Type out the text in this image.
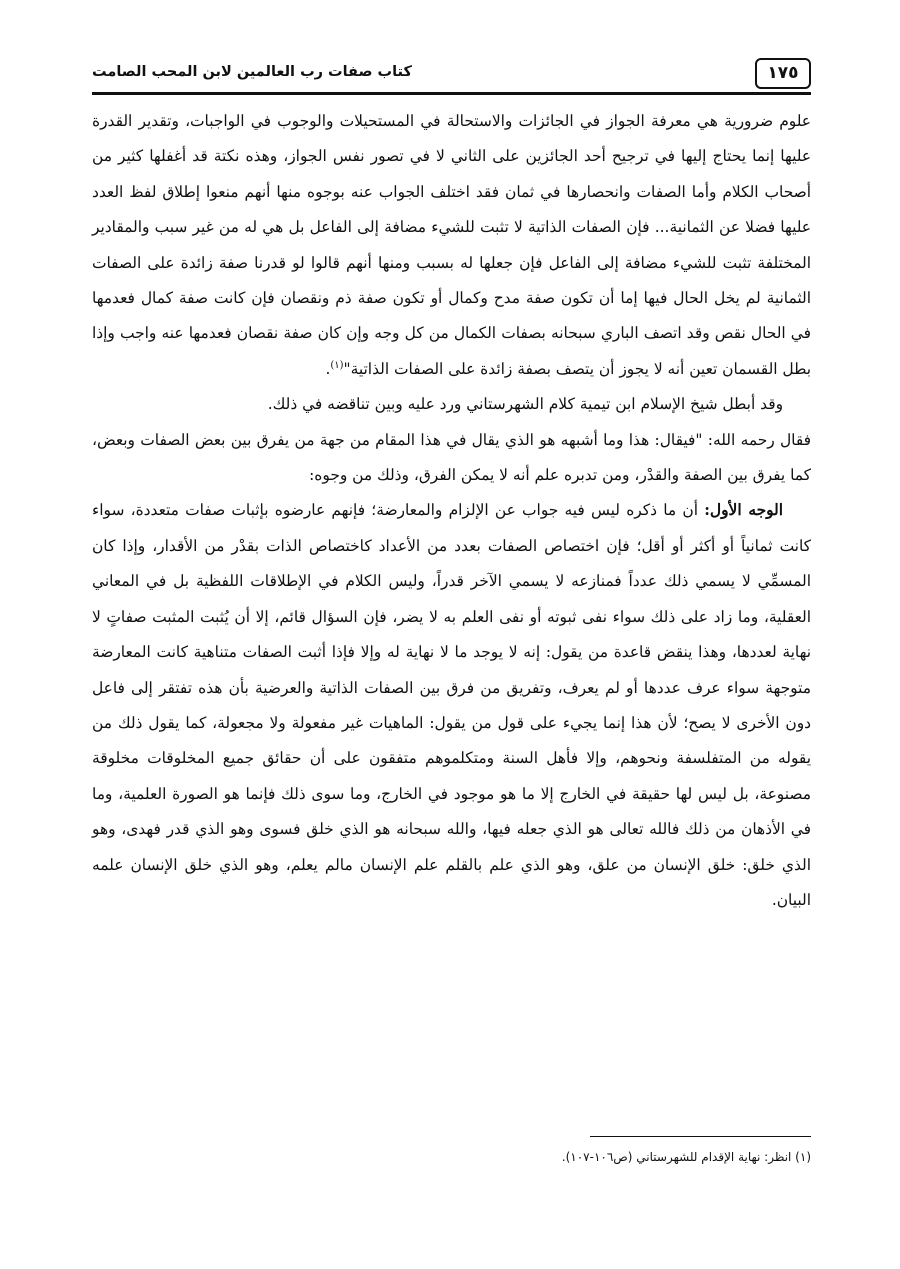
١٧٥
كتاب صفات رب العالمين لابن المحب الصامت

علوم ضرورية هي معرفة الجواز في الجائزات والاستحالة في المستحيلات والوجوب في الواجبات، وتقدير القدرة عليها إنما يحتاج إليها في ترجيح أحد الجائزين على الثاني لا في تصور نفس الجواز، وهذه نكتة قد أغفلها كثير من أصحاب الكلام وأما الصفات وانحصارها في ثمان فقد اختلف الجواب عنه بوجوه منها أنهم منعوا إطلاق لفظ العدد عليها فضلا عن الثمانية... فإن الصفات الذاتية لا تثبت للشيء مضافة إلى الفاعل بل هي له من غير سبب والمقادير المختلفة تثبت للشيء مضافة إلى الفاعل فإن جعلها له بسبب ومنها أنهم قالوا لو قدرنا صفة زائدة على الصفات الثمانية لم يخل الحال فيها إما أن تكون صفة مدح وكمال أو تكون صفة ذم ونقصان فإن كانت صفة كمال فعدمها في الحال نقص وقد اتصف الباري سبحانه بصفات الكمال من كل وجه وإن كان صفة نقصان فعدمها عنه واجب وإذا بطل القسمان تعين أنه لا يجوز أن يتصف بصفة زائدة على الصفات الذاتية"$^{(١)}$.

وقد أبطل شيخ الإسلام ابن تيمية كلام الشهرستاني ورد عليه وبين تناقضه في ذلك.

فقال رحمه الله: "فيقال: هذا وما أشبهه هو الذي يقال في هذا المقام من جهة من يفرق بين بعض الصفات وبعض، كما يفرق بين الصفة والقدْر، ومن تدبره علم أنه لا يمكن الفرق، وذلك من وجوه:

الوجه الأول: أن ما ذكره ليس فيه جواب عن الإلزام والمعارضة؛ فإنهم عارضوه بإثبات صفات متعددة، سواء كانت ثمانياً أو أكثر أو أقل؛ فإن اختصاص الصفات بعدد من الأعداد كاختصاص الذات بقدْر من الأقدار، وإذا كان المسمِّي لا يسمي ذلك عدداً فمنازعه لا يسمي الآخر قدراً، وليس الكلام في الإطلاقات اللفظية بل في المعاني العقلية، وما زاد على ذلك سواء نفى ثبوته أو نفى العلم به لا يضر، فإن السؤال قائم، إلا أن يُثبت المثبت صفاتٍ لا نهاية لعددها، وهذا ينقض قاعدة من يقول: إنه لا يوجد ما لا نهاية له وإلا فإذا أثبت الصفات متناهية كانت المعارضة متوجهة سواء عرف عددها أو لم يعرف، وتفريق من فرق بين الصفات الذاتية والعرضية بأن هذه تفتقر إلى فاعل دون الأخرى لا يصح؛ لأن هذا إنما يجيء على قول من يقول: الماهيات غير مفعولة ولا مجعولة، كما يقول ذلك من يقوله من المتفلسفة ونحوهم، وإلا فأهل السنة ومتكلموهم متفقون على أن حقائق جميع المخلوقات مخلوقة مصنوعة، بل ليس لها حقيقة في الخارج إلا ما هو موجود في الخارج، وما سوى ذلك فإنما هو الصورة العلمية، وما في الأذهان من ذلك فالله تعالى هو الذي جعله فيها، والله سبحانه هو الذي خلق فسوى وهو الذي قدر فهدى، وهو الذي خلق: خلق الإنسان من علق، وهو الذي علم بالقلم علم الإنسان مالم يعلم، وهو الذي خلق الإنسان علمه البيان.

(١) انظر: نهاية الإقدام للشهرستاني (ص١٠٦-١٠٧).
